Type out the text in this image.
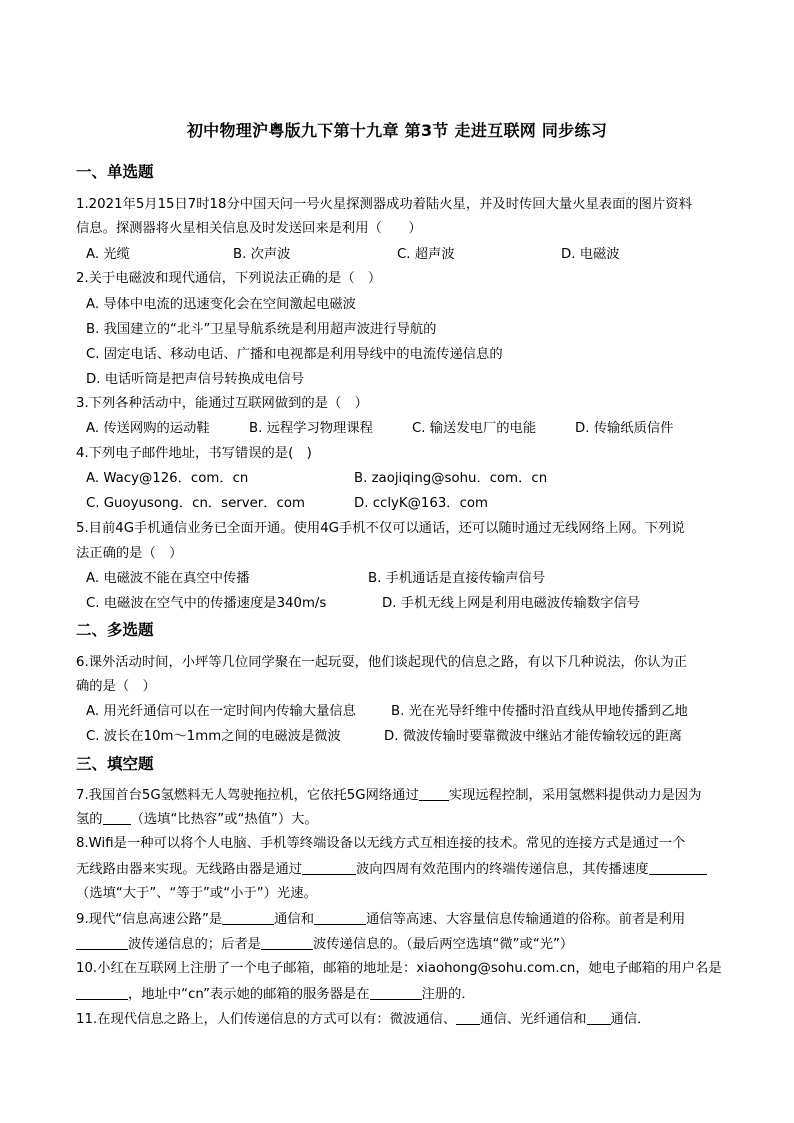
初中物理沪粤版九下第十九章 第3节 走进互联网 同步练习
一、单选题
1.2021年5月15日7时18分中国天问一号火星探测器成功着陆火星，并及时传回大量火星表面的图片资料
信息。探测器将火星相关信息及时发送回来是利用（　　）
A. 光缆	B. 次声波	C. 超声波	D. 电磁波
2.关于电磁波和现代通信，下列说法正确的是（　）
A. 导体中电流的迅速变化会在空间激起电磁波
B. 我国建立的“北斗”卫星导航系统是利用超声波进行导航的
C. 固定电话、移动电话、广播和电视都是利用导线中的电流传递信息的
D. 电话听筒是把声信号转换成电信号
3.下列各种活动中，能通过互联网做到的是（　）
A. 传送网购的运动鞋	B. 远程学习物理课程	C. 输送发电厂的电能	D. 传输纸质信件
4.下列电子邮件地址，书写错误的是(　)
A. Wacy@126．com．cn	B. zaojiqing@sohu．com．cn
C. Guoyusong．cn．server．com	D. cclyK@163．com
5.目前4G手机通信业务已全面开通。使用4G手机不仅可以通话，还可以随时通过无线网络上网。下列说
法正确的是（　）
A. 电磁波不能在真空中传播	B. 手机通话是直接传输声信号
C. 电磁波在空气中的传播速度是340m/s	D. 手机无线上网是利用电磁波传输数字信号
二、多选题
6.课外活动时间，小坪等几位同学聚在一起玩耍，他们谈起现代的信息之路，有以下几种说法，你认为正
确的是（　）
A. 用光纤通信可以在一定时间内传输大量信息	B. 光在光导纤维中传播时沿直线从甲地传播到乙地
C. 波长在10m～1mm之间的电磁波是微波	D. 微波传输时要靠微波中继站才能传输较远的距离
三、填空题
7.我国首台5G氢燃料无人驾驶拖拉机，它依托5G网络通过 实现远程控制，采用氢燃料提供动力是因为
氢的 （选填“比热容”或“热值”）大。
8.Wifi是一种可以将个人电脑、手机等终端设备以无线方式互相连接的技术。常见的连接方式是通过一个
无线路由器来实现。无线路由器是通过	波向四周有效范围内的终端传递信息，其传播速度
（选填“大于”、“等于”或“小于”）光速。
9.现代“信息高速公路”是	通信和	通信等高速、大容量信息传输通道的俗称。前者是利用
波传递信息的；后者是	波传递信息的。（最后两空选填“微”或“光”）
10.小红在互联网上注册了一个电子邮箱，邮箱的地址是：xiaohong@sohu.com.cn，她电子邮箱的用户名是
，地址中“cn”表示她的邮箱的服务器是在	注册的．
11.在现代信息之路上，人们传递信息的方式可以有：微波通信、 通信、光纤通信和 通信．
